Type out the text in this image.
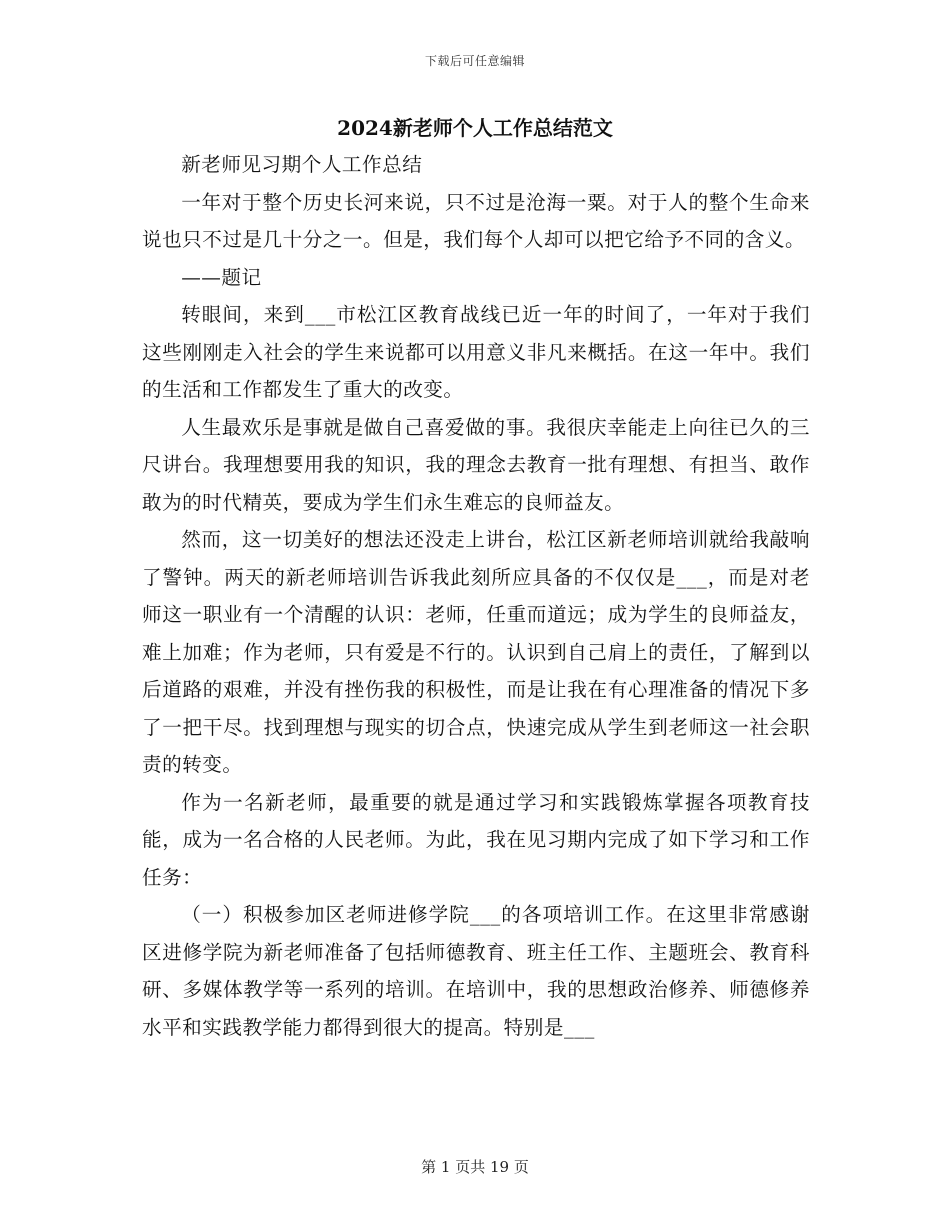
下载后可任意编辑
2024新老师个人工作总结范文

新老师见习期个人工作总结

一年对于整个历史长河来说，只不过是沧海一粟。对于人的整个生命来说也只不过是几十分之一。但是，我们每个人却可以把它给予不同的含义。

——题记

转眼间，来到___市松江区教育战线已近一年的时间了，一年对于我们这些刚刚走入社会的学生来说都可以用意义非凡来概括。在这一年中。我们的生活和工作都发生了重大的改变。

人生最欢乐是事就是做自己喜爱做的事。我很庆幸能走上向往已久的三尺讲台。我理想要用我的知识，我的理念去教育一批有理想、有担当、敢作敢为的时代精英，要成为学生们永生难忘的良师益友。

然而，这一切美好的想法还没走上讲台，松江区新老师培训就给我敲响了警钟。两天的新老师培训告诉我此刻所应具备的不仅仅是___，而是对老师这一职业有一个清醒的认识：老师，任重而道远；成为学生的良师益友，难上加难；作为老师，只有爱是不行的。认识到自己肩上的责任，了解到以后道路的艰难，并没有挫伤我的积极性，而是让我在有心理准备的情况下多了一把干尽。找到理想与现实的切合点，快速完成从学生到老师这一社会职责的转变。

作为一名新老师，最重要的就是通过学习和实践锻炼掌握各项教育技能，成为一名合格的人民老师。为此，我在见习期内完成了如下学习和工作任务：

（一）积极参加区老师进修学院___的各项培训工作。在这里非常感谢区进修学院为新老师准备了包括师德教育、班主任工作、主题班会、教育科研、多媒体教学等一系列的培训。在培训中，我的思想政治修养、师德修养水平和实践教学能力都得到很大的提高。特别是___

第 1 页共 19 页
